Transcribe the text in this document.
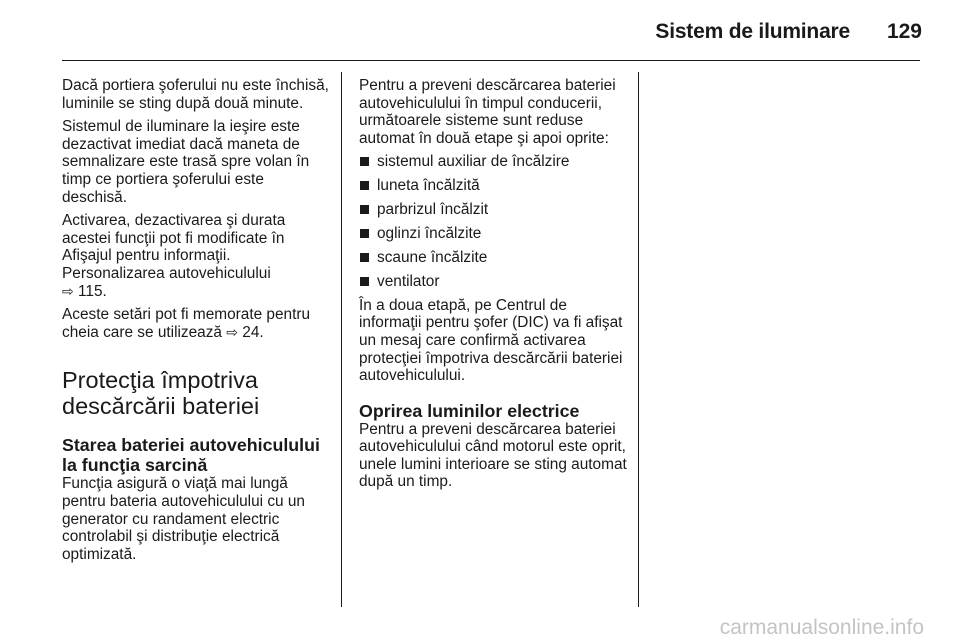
Sistem de iluminare	129

Dacă portiera şoferului nu este închisă, luminile se sting după două minute.

Sistemul de iluminare la ieşire este dezactivat imediat dacă maneta de semnalizare este trasă spre volan în timp ce portiera şoferului este deschisă.

Activarea, dezactivarea şi durata acestei funcţii pot fi modificate în Afişajul pentru informaţii.
Personalizarea autovehiculului
⇨ 115.

Aceste setări pot fi memorate pentru cheia care se utilizează ⇨ 24.

Protecţia împotriva descărcării bateriei
Starea bateriei autovehiculului la funcţia sarcină

Funcţia asigură o viaţă mai lungă pentru bateria autovehiculului cu un generator cu randament electric controlabil şi distribuţie electrică optimizată.

Pentru a preveni descărcarea bateriei autovehiculului în timpul conducerii, următoarele sisteme sunt reduse automat în două etape şi apoi oprite:

sistemul auxiliar de încălzire
luneta încălzită
parbrizul încălzit
oglinzi încălzite
scaune încălzite
ventilator

În a doua etapă, pe Centrul de informaţii pentru şofer (DIC) va fi afişat un mesaj care confirmă activarea protecţiei împotriva descărcării bateriei autovehiculului.

Oprirea luminilor electrice

Pentru a preveni descărcarea bateriei autovehiculului când motorul este oprit, unele lumini interioare se sting automat după un timp.

carmanualsonline.info
